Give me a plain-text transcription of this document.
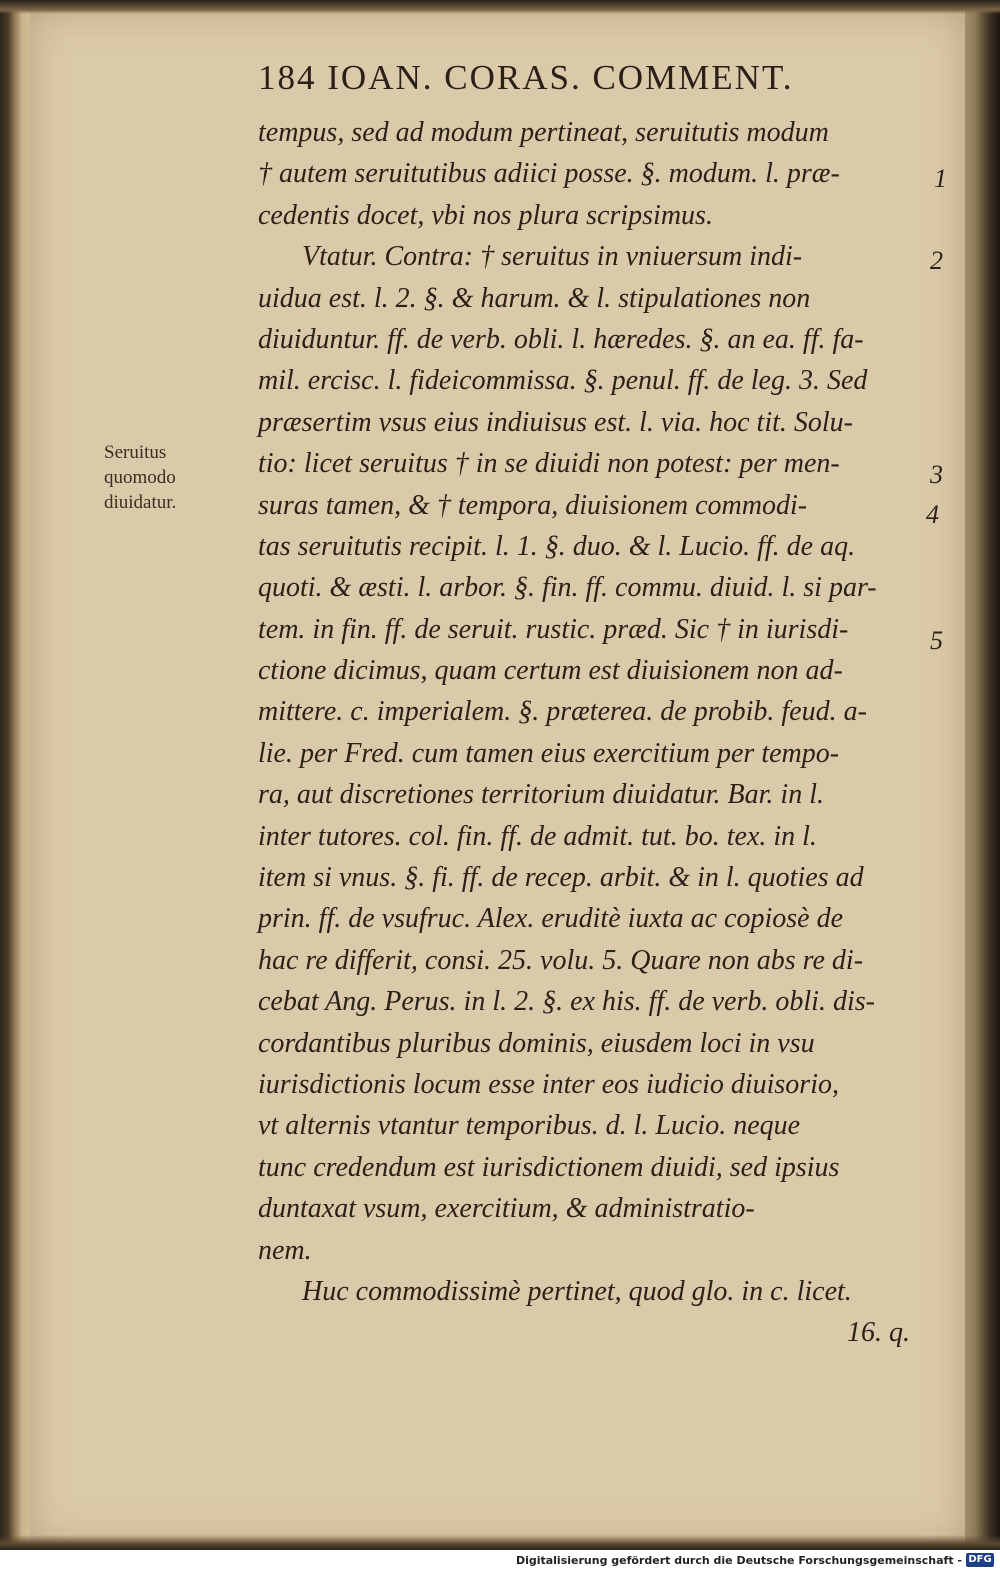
184 IOAN. CORAS. COMMENT.
tempus, sed ad modum pertineat, seruitutis modum
† autem seruitutibus adiici posse. §. modum. l. præ-
cedentis docet, vbi nos plura scripsimus.
Vtatur. Contra: † seruitus in vniuersum indi-
uidua est. l. 2. §. & harum. & l. stipulationes non
diuiduntur. ff. de verb. obli. l. hæredes. §. an ea. ff. fa-
mil. ercisc. l. fideicommissa. §. penul. ff. de leg. 3. Sed
præsertim vsus eius indiuisus est. l. via. hoc tit. Solu-
tio: licet seruitus † in se diuidi non potest: per men-
suras tamen, & † tempora, diuisionem commodi-
tas seruitutis recipit. l. 1. §. duo. & l. Lucio. ff. de aq.
quoti. & æsti. l. arbor. §. fin. ff. commu. diuid. l. si par-
tem. in fin. ff. de seruit. rustic. præd. Sic † in iurisdi-
ctione dicimus, quam certum est diuisionem non ad-
mittere. c. imperialem. §. præterea. de probib. feud. a-
lie. per Fred. cum tamen eius exercitium per tempo-
ra, aut discretiones territorium diuidatur. Bar. in l.
inter tutores. col. fin. ff. de admit. tut. bo. tex. in l.
item si vnus. §. fi. ff. de recep. arbit. & in l. quoties ad
prin. ff. de vsufruc. Alex. eruditè iuxta ac copiosè de
hac re differit, consi. 25. volu. 5. Quare non abs re di-
cebat Ang. Perus. in l. 2. §. ex his. ff. de verb. obli. dis-
cordantibus pluribus dominis, eiusdem loci in vsu
iurisdictionis locum esse inter eos iudicio diuisorio,
vt alternis vtantur temporibus. d. l. Lucio. neque
tunc credendum est iurisdictionem diuidi, sed ipsius
duntaxat vsum, exercitium, & administratio-
nem.
Huc commodissimè pertinet, quod glo. in c. licet.
16. q.
Seruitus
quomodo
diuidatur.
1
2
3
4
5
Digitalisierung gefördert durch die Deutsche Forschungsgemeinschaft - DFG
